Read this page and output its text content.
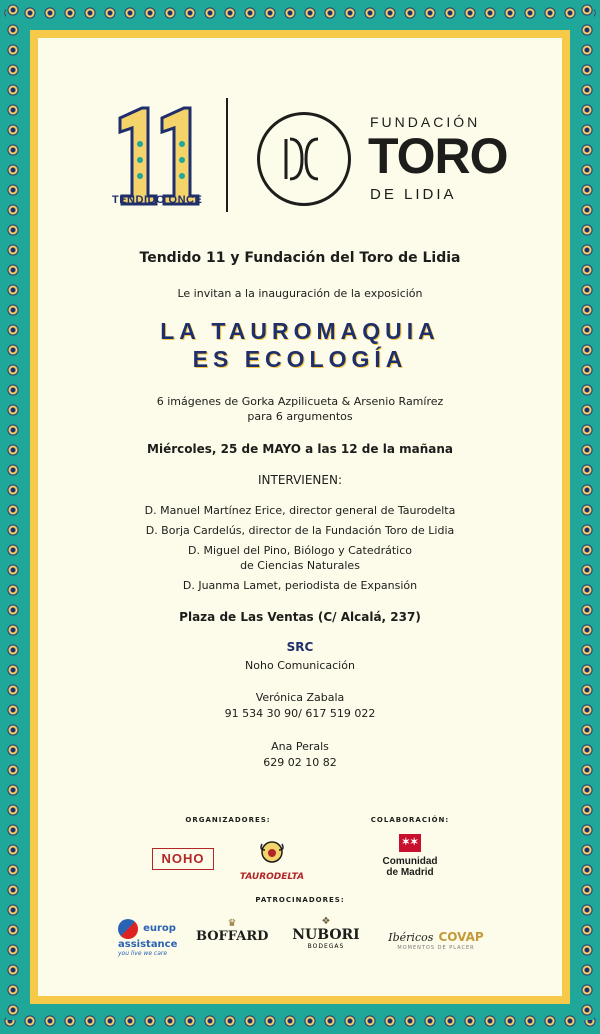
TENDIDO ONCE
FUNDACIÓN
TORO
DE LIDIA
Tendido 11 y Fundación del Toro de Lidia
Le invitan a la inauguración de la exposición
LA TAUROMAQUIA
ES ECOLOGÍA
6 imágenes de Gorka Azpilicueta & Arsenio Ramírez
para 6 argumentos
Miércoles, 25 de MAYO a las 12 de la mañana
INTERVIENEN:
D. Manuel Martínez Erice, director general de Taurodelta
D. Borja Cardelús, director de la Fundación Toro de Lidia
D. Miguel del Pino, Biólogo y Catedrático
de Ciencias Naturales
D. Juanma Lamet, periodista de Expansión
Plaza de Las Ventas (C/ Alcalá, 237)
SRC
Noho Comunicación
Verónica Zabala
91 534 30 90/ 617 519 022
Ana Perals
629 02 10 82
ORGANIZADORES:	COLABORACIÓN:
NOHO
TAURODELTA
✶✶
Comunidad
de Madrid
PATROCINADORES:
europ
assistance
you live we care
♛
BOFFARD
❖
NUBORI
BODEGAS
Ibéricos COVAP
MOMENTOS DE PLACER
